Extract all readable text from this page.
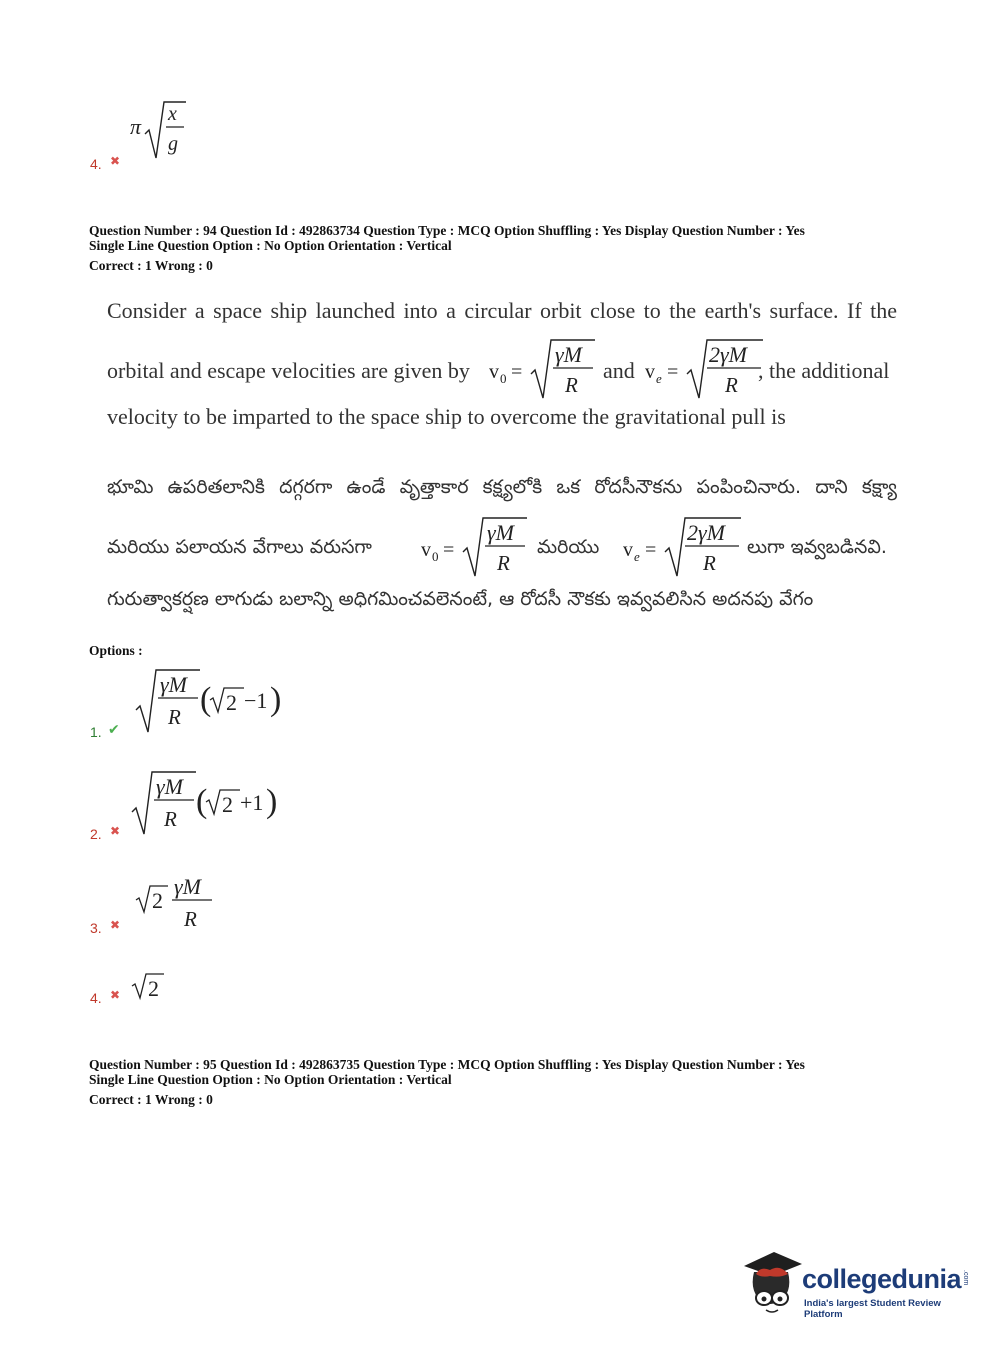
4. ✖
π x
g
Question Number : 94 Question Id : 492863734 Question Type : MCQ Option Shuffling : Yes Display Question Number : Yes
Single Line Question Option : No Option Orientation : Vertical
Correct : 1 Wrong : 0
Consider a space ship launched into a circular orbit close to the earth's surface. If the
orbital and escape velocities are given by v 0 =
γM
R
and v e =
2γM
R
, the additional
velocity to be imparted to the space ship to overcome the gravitational pull is
భూమి ఉపరితలానికి దగ్గరగా ఉండే వృత్తాకార కక్ష్యలోకి ఒక రోదసీనౌకను పంపించినారు. దాని కక్ష్యా
మరియు పలాయన వేగాలు వరుసగా v 0 =
γM
R
మరియు v e =
2γM
R
లుగా ఇవ్వబడినవి.
గురుత్వాకర్షణ లాగుడు బలాన్ని అధిగమించవలెనంటే, ఆ రోదసీ నౌకకు ఇవ్వవలిసిన అదనపు వేగం
Options :
1. ✔
γM
R ( 2 −1 )
2. ✖
γM
R ( 2 +1 )
3. ✖
2
γM
R
4. ✖ 2
Question Number : 95 Question Id : 492863735 Question Type : MCQ Option Shuffling : Yes Display Question Number : Yes
Single Line Question Option : No Option Orientation : Vertical
Correct : 1 Wrong : 0
collegedunia .com
India's largest Student Review Platform
